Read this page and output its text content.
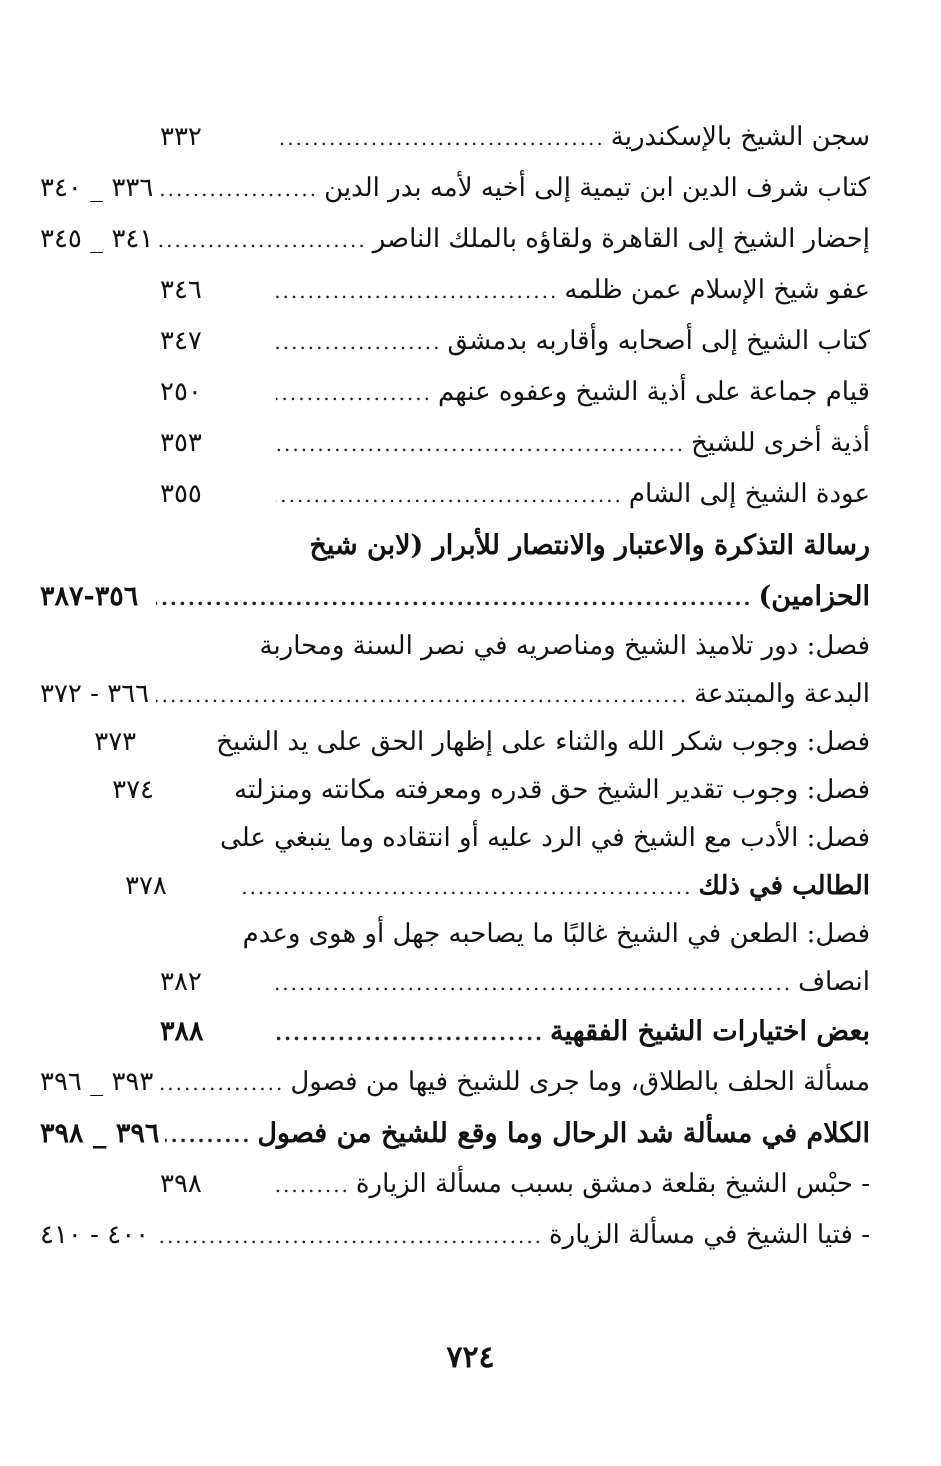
سجن الشيخ بالإسكندرية
.....
٣٣٢
كتاب شرف الدين ابن تيمية إلى أخيه لأمه بدر الدين
.....
٣٣٦ _ ٣٤٠
إحضار الشيخ إلى القاهرة ولقاؤه بالملك الناصر
.....
٣٤١ _ ٣٤٥
عفو شيخ الإسلام عمن ظلمه
.....
٣٤٦
كتاب الشيخ إلى أصحابه وأقاربه بدمشق
.....
٣٤٧
قيام جماعة على أذية الشيخ وعفوه عنهم
.....
٢٥٠
أذية أخرى للشيخ
.....
٣٥٣
عودة الشيخ إلى الشام
.....
٣٥٥
رسالة التذكرة والاعتبار والانتصار للأبرار (لابن شيخ
الحزامين)
.....
٣٥٦-٣٨٧
فصل: دور تلاميذ الشيخ ومناصريه في نصر السنة ومحاربة
البدعة والمبتدعة
.....
٣٦٦ - ٣٧٢
فصل: وجوب شكر الله والثناء على إظهار الحق على يد الشيخ
٣٧٣
فصل: وجوب تقدير الشيخ حق قدره ومعرفته مكانته ومنزلته
٣٧٤
فصل: الأدب مع الشيخ في الرد عليه أو انتقاده وما ينبغي على
الطالب في ذلك
.....
٣٧٨
فصل: الطعن في الشيخ غالبًا ما يصاحبه جهل أو هوى وعدم
انصاف
.....
٣٨٢
بعض اختيارات الشيخ الفقهية
.....
٣٨٨
مسألة الحلف بالطلاق، وما جرى للشيخ فيها من فصول
.....
٣٩٣ _ ٣٩٦
الكلام في مسألة شد الرحال وما وقع للشيخ من فصول
.....
٣٩٦ _ ٣٩٨
- حبْس الشيخ بقلعة دمشق بسبب مسألة الزيارة
.....
٣٩٨
- فتيا الشيخ في مسألة الزيارة
.....
٤٠٠ - ٤١٠
٧٢٤
